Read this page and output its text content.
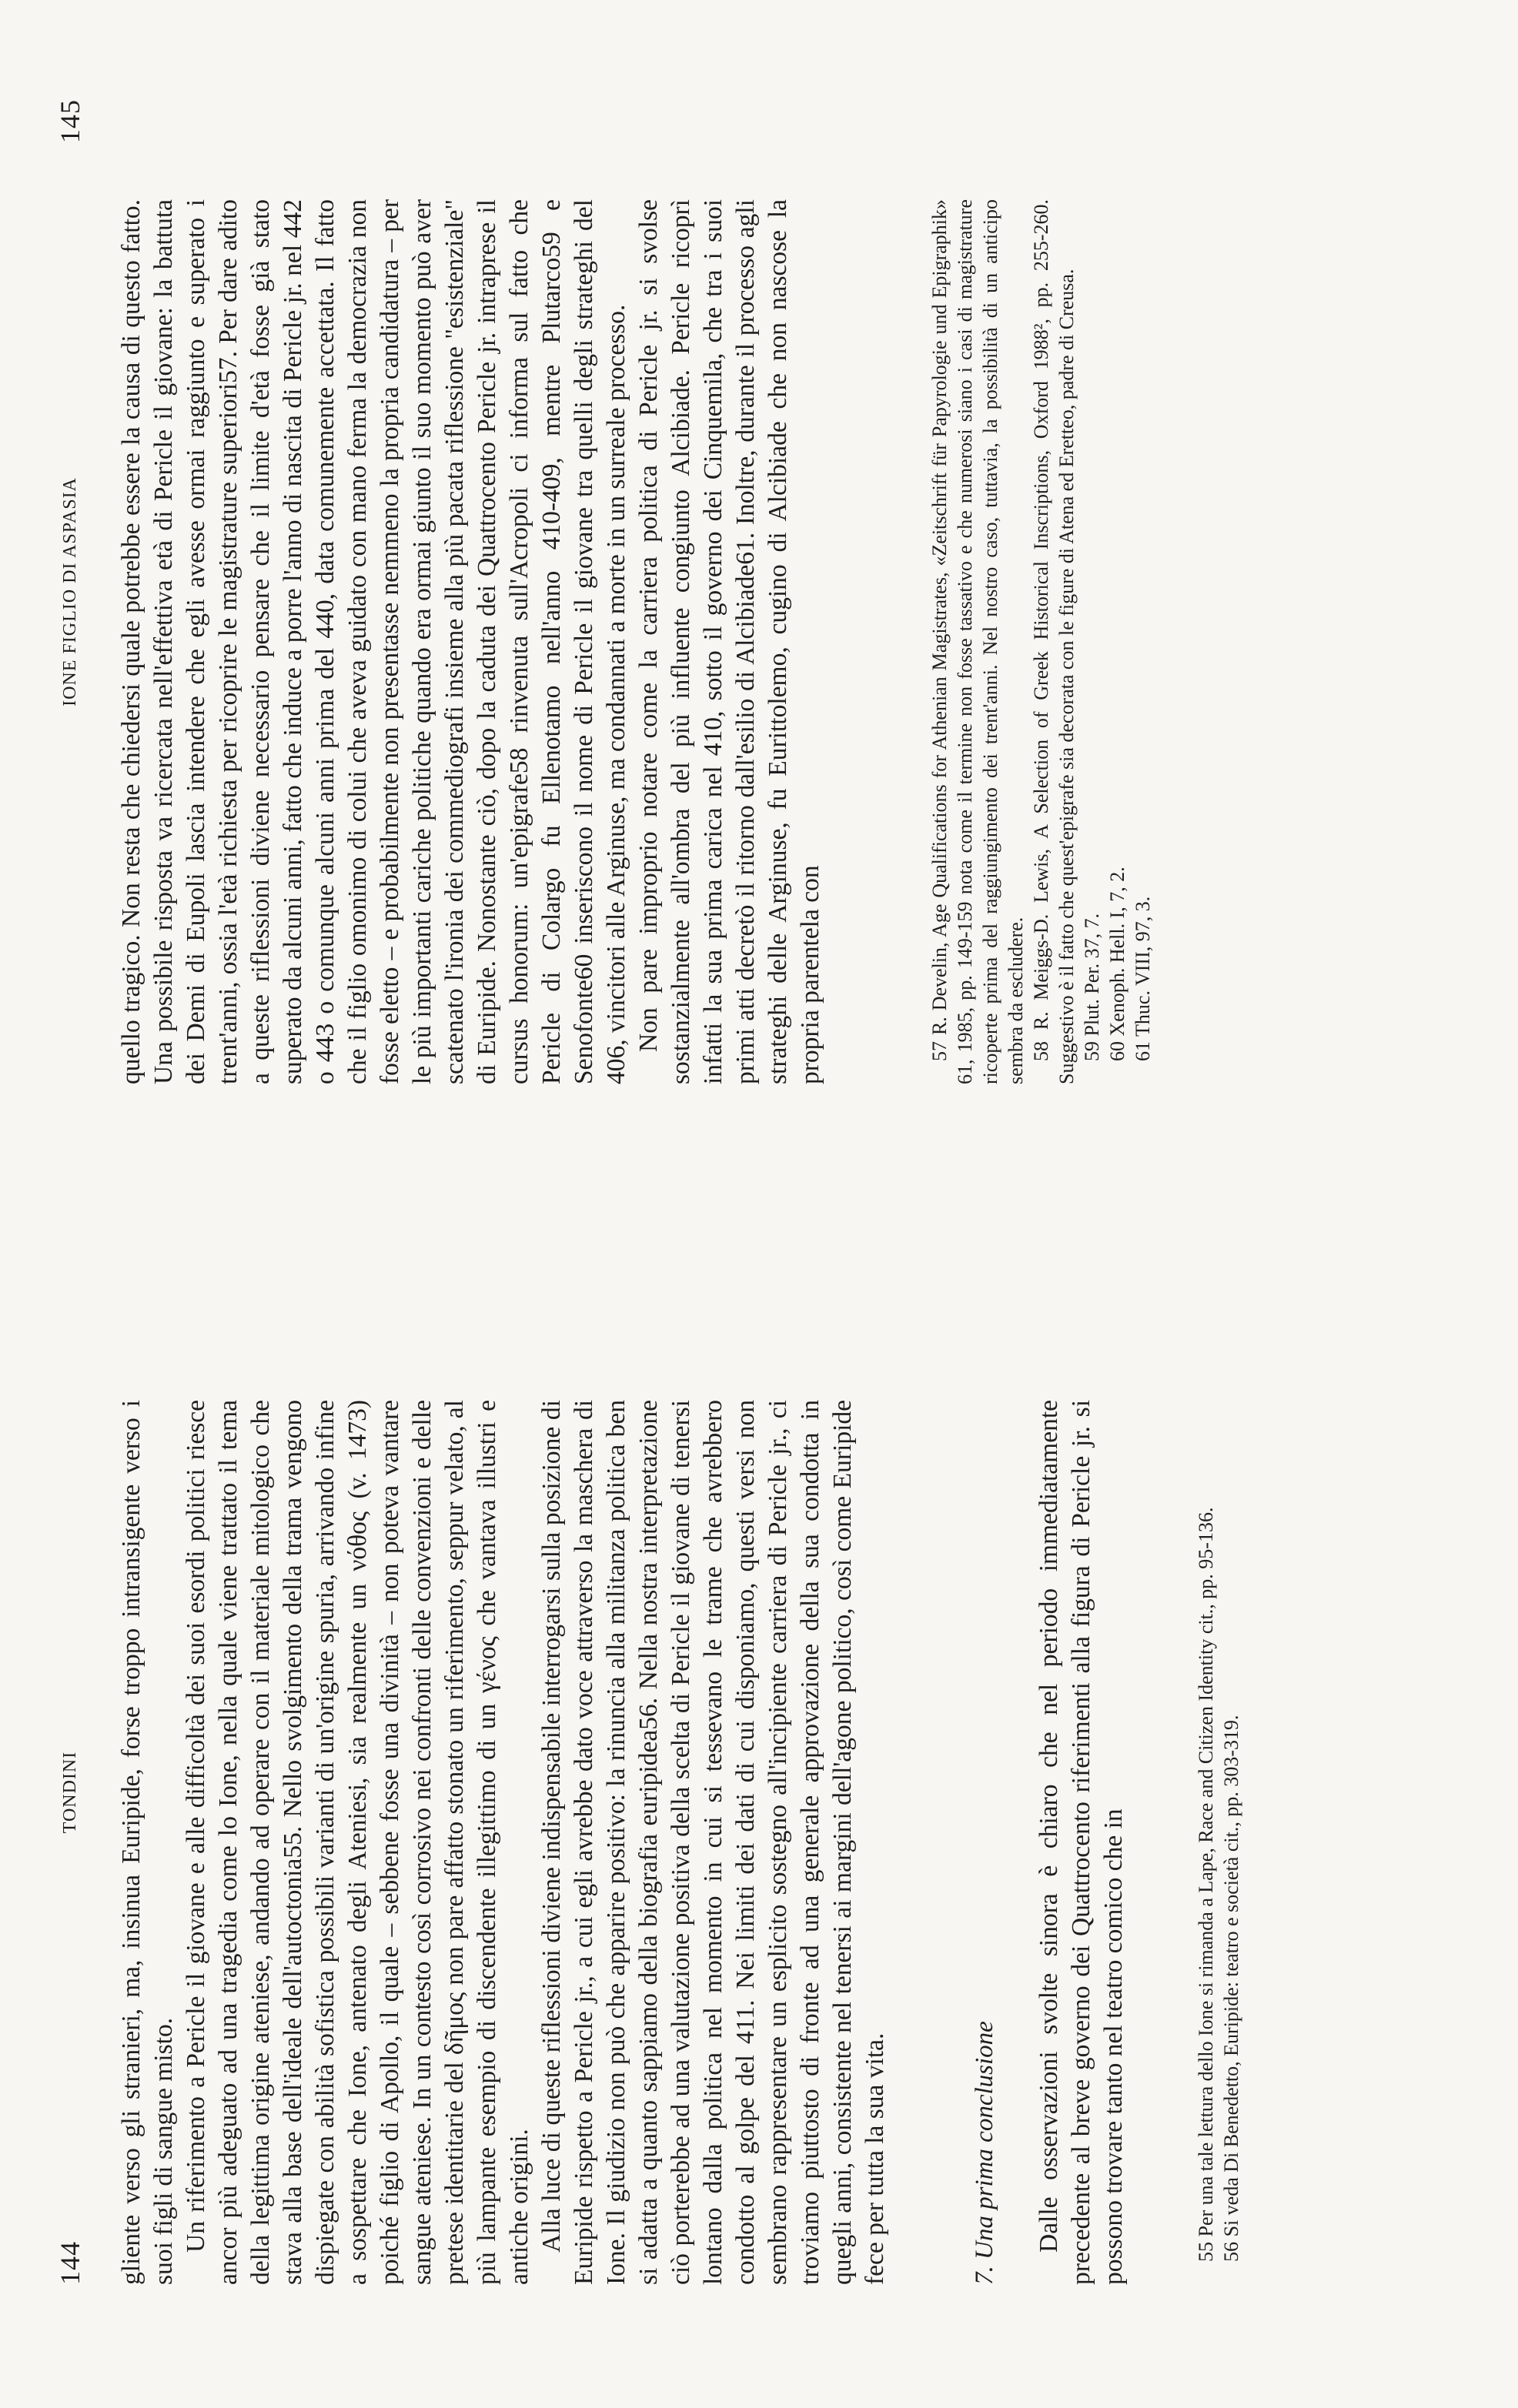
144
TONDINI gliente verso gli stranieri, ma, insinua Euripide, forse troppo intransigente verso i suoi figli di sangue misto. Un riferimento a Pericle il giovane e alle difficoltà dei suoi esordi politici riesce ancor più adeguato ad una tragedia come lo Ione, nella quale viene trattato il tema della legittima origine ateniese, andando ad operare con il materiale mitologico che stava alla base dell'ideale dell'autoctonia55. Nello svolgimento della trama vengono dispiegate con abilità sofistica possibili varianti di un'origine spuria, arrivando infine a sospettare che Ione, antenato degli Ateniesi, sia realmente un νόθος (v. 1473) poiché figlio di Apollo, il quale – sebbene fosse una divinità – non poteva vantare sangue ateniese. In un contesto così corrosivo nei confronti delle convenzioni e delle pretese identitarie del δῆμος non pare affatto stonato un riferimento, seppur velato, al più lampante esempio di discendente illegittimo di un γένος che vantava illustri e antiche origini. Alla luce di queste riflessioni diviene indispensabile interrogarsi sulla posizione di Euripide rispetto a Pericle jr., a cui egli avrebbe dato voce attraverso la maschera di Ione. Il giudizio non può che apparire positivo: la rinuncia alla militanza politica ben si adatta a quanto sappiamo della biografia euripidea56. Nella nostra interpretazione ciò porterebbe ad una valutazione positiva della scelta di Pericle il giovane di tenersi lontano dalla politica nel momento in cui si tessevano le trame che avrebbero condotto al golpe del 411. Nei limiti dei dati di cui disponiamo, questi versi non sembrano rappresentare un esplicito sostegno all'incipiente carriera di Pericle jr., ci troviamo piuttosto di fronte ad una generale approvazione della sua condotta in quegli anni, consistente nel tenersi ai margini dell'agone politico, così come Euripide fece per tutta la sua vita.	7. Una prima conclusione Dalle osservazioni svolte sinora è chiaro che nel periodo immediatamente precedente al breve governo dei Quattrocento riferimenti alla figura di Pericle jr. si possono trovare tanto nel teatro comico che in	55 Per una tale lettura dello Ione si rimanda a Lape, Race and Citizen Identity cit., pp. 95-136. 56 Si veda Di Benedetto, Euripide: teatro e società cit., pp. 303-319.

IONE FIGLIO DI ASPASIA
145

quello tragico. Non resta che chiedersi quale potrebbe essere la causa di questo fatto. Una possibile risposta va ricercata nell'effettiva età di Pericle il giovane: la battuta dei Demi di Eupoli lascia intendere che egli avesse ormai raggiunto e superato i trent'anni, ossia l'età richiesta per ricoprire le magistrature superiori57. Per dare adito a queste riflessioni diviene necessario pensare che il limite d'età fosse già stato superato da alcuni anni, fatto che induce a porre l'anno di nascita di Pericle jr. nel 442 o 443 o comunque alcuni anni prima del 440, data comunemente accettata. Il fatto che il figlio omonimo di colui che aveva guidato con mano ferma la democrazia non fosse eletto – e probabilmente non presentasse nemmeno la propria candidatura – per le più importanti cariche politiche quando era ormai giunto il suo momento può aver scatenato l'ironia dei commediografi insieme alla più pacata riflessione "esistenziale" di Euripide. Nonostante ciò, dopo la caduta dei Quattrocento Pericle jr. intraprese il cursus honorum: un'epigrafe58 rinvenuta sull'Acropoli ci informa sul fatto che Pericle di Colargo fu Ellenotamo nell'anno 410-409, mentre Plutarco59 e Senofonte60 inseriscono il nome di Pericle il giovane tra quelli degli strateghi del 406, vincitori alle Arginuse, ma condannati a morte in un surreale processo. Non pare improprio notare come la carriera politica di Pericle jr. si svolse sostanzialmente all'ombra del più influente congiunto Alcibiade. Pericle ricoprì infatti la sua prima carica nel 410, sotto il governo dei Cinquemila, che tra i suoi primi atti decretò il ritorno dall'esilio di Alcibiade61. Inoltre, durante il processo agli strateghi delle Arginuse, fu Eurittolemo, cugino di Alcibiade che non nascose la propria parentela con	57 R. Develin, Age Qualifications for Athenian Magistrates, «Zeitschrift für Papyrologie und Epigraphik» 61, 1985, pp. 149-159 nota come il termine non fosse tassativo e che numerosi siano i casi di magistrature ricoperte prima del raggiungimento dei trent'anni. Nel nostro caso, tuttavia, la possibilità di un anticipo sembra da escludere. 58 R. Meiggs-D. Lewis, A Selection of Greek Historical Inscriptions, Oxford 1988², pp. 255-260. Suggestivo è il fatto che quest'epigrafe sia decorata con le figure di Atena ed Eretteo, padre di Creusa. 59 Plut. Per. 37, 7. 60 Xenoph. Hell. I, 7, 2. 61 Thuc. VIII, 97, 3.
